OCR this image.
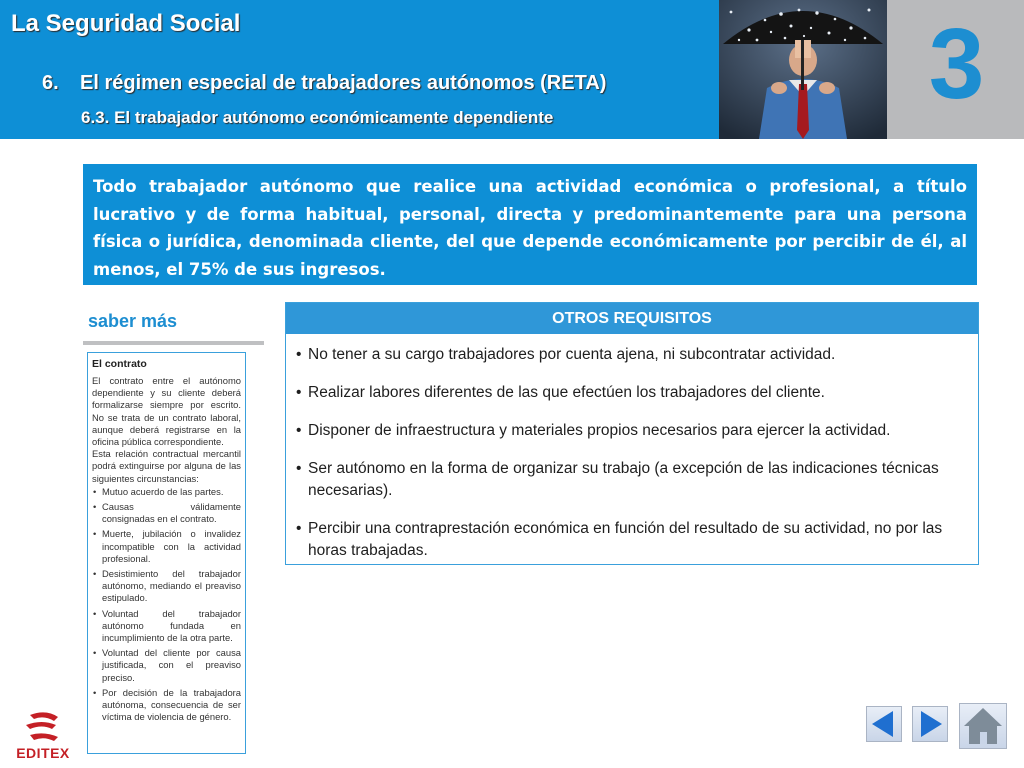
La Seguridad Social
6. El régimen especial de trabajadores autónomos (RETA)
6.3. El trabajador autónomo económicamente dependiente	3

Todo trabajador autónomo que realice una actividad económica o profesional, a título lucrativo y de forma habitual, personal, directa y predominantemente para una persona física o jurídica, denominada cliente, del que depende económicamente por percibir de él, al menos, el 75% de sus ingresos.

saber más
El contrato

El contrato entre el autónomo dependiente y su cliente deberá formalizarse siempre por escrito. No se trata de un contrato laboral, aunque deberá registrarse en la oficina pública correspondiente.

Esta relación contractual mercantil podrá extinguirse por alguna de las siguientes circunstancias:

• Mutuo acuerdo de las partes.
• Causas válidamente consignadas en el contrato.
• Muerte, jubilación o invalidez incompatible con la actividad profesional.
• Desistimiento del trabajador autónomo, mediando el preaviso estipulado.
• Voluntad del trabajador autónomo fundada en incumplimiento de la otra parte.
• Voluntad del cliente por causa justificada, con el preaviso preciso.
• Por decisión de la trabajadora autónoma, consecuencia de ser víctima de violencia de género.
OTROS REQUISITOS
• No tener a su cargo trabajadores por cuenta ajena, ni subcontratar actividad.
• Realizar labores diferentes de las que efectúen los trabajadores del cliente.
• Disponer de infraestructura y materiales propios necesarios para ejercer la actividad.
• Ser autónomo en la forma de organizar su trabajo (a excepción de las indicaciones técnicas necesarias).
• Percibir una contraprestación económica en función del resultado de su actividad, no por las horas trabajadas.
EDITEX
